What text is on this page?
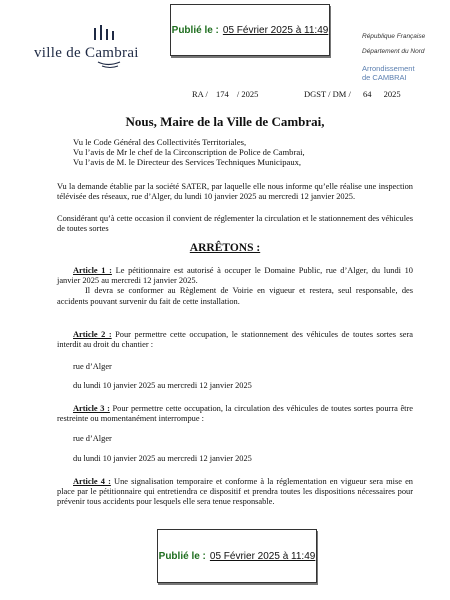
Publié le : 05 Février 2025 à 11:49
ville de Cambrai
République Française
Département du Nord
Arrondissement
de CAMBRAI
RA / 174 / 2025	DGST / DM / 64 2025
Nous, Maire de la Ville de Cambrai,
Vu le Code Général des Collectivités Territoriales,
Vu l’avis de Mr le chef de la Circonscription de Police de Cambrai,
Vu l’avis de M. le Directeur des Services Techniques Municipaux,
Vu la demande établie par la société SATER, par laquelle elle nous informe qu’elle réalise une inspection télévisée des réseaux, rue d’Alger, du lundi 10 janvier 2025 au mercredi 12 janvier 2025.
Considérant qu’à cette occasion il convient de réglementer la circulation et le stationnement des véhicules de toutes sortes
ARRÊTONS :
Article 1 : Le pétitionnaire est autorisé à occuper le Domaine Public, rue d’Alger, du lundi 10 janvier 2025 au mercredi 12 janvier 2025.
Il devra se conformer au Règlement de Voirie en vigueur et restera, seul responsable, des accidents pouvant survenir du fait de cette installation.
Article 2 : Pour permettre cette occupation, le stationnement des véhicules de toutes sortes sera interdit au droit du chantier :
rue d’Alger
du lundi 10 janvier 2025 au mercredi 12 janvier 2025
Article 3 : Pour permettre cette occupation, la circulation des véhicules de toutes sortes pourra être restreinte ou momentanément interrompue :
rue d’Alger
du lundi 10 janvier 2025 au mercredi 12 janvier 2025
Article 4 : Une signalisation temporaire et conforme à la réglementation en vigueur sera mise en place par le pétitionnaire qui entretiendra ce dispositif et prendra toutes les dispositions nécessaires pour prévenir tous accidents pour lesquels elle sera tenue responsable.
Publié le : 05 Février 2025 à 11:49
